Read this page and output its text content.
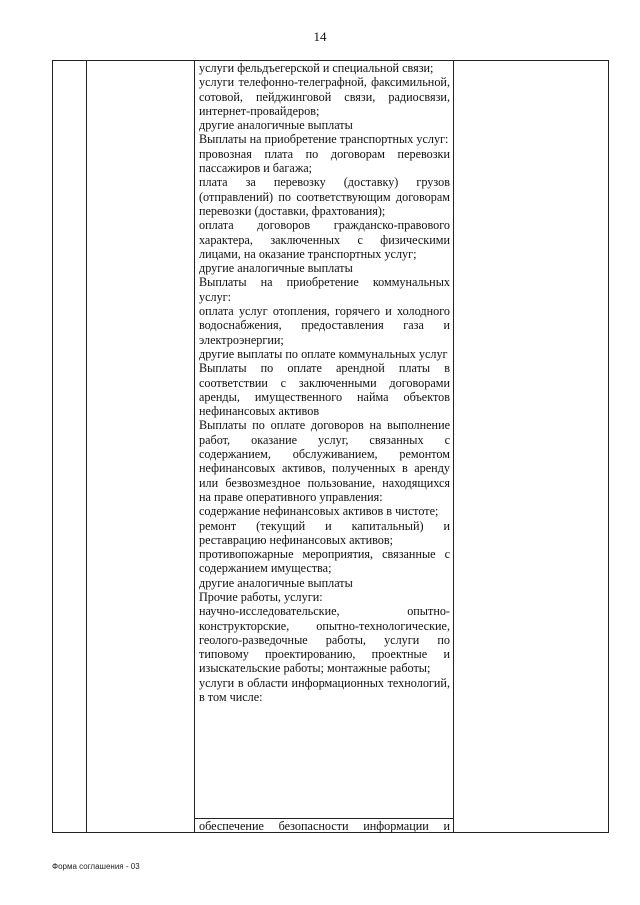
14

услуги фельдъегерской и специальной связи;

услуги телефонно-телеграфной, факсимильной, сотовой, пейджинговой связи, радиосвязи, интернет-провайдеров;

другие аналогичные выплаты

Выплаты на приобретение транспортных услуг:

провозная плата по договорам перевозки пассажиров и багажа;

плата за перевозку (доставку) грузов (отправлений) по соответствующим договорам перевозки (доставки, фрахтования);

оплата договоров гражданско-правового характера, заключенных с физическими лицами, на оказание транспортных услуг;

другие аналогичные выплаты

Выплаты на приобретение коммунальных услуг:

оплата услуг отопления, горячего и холодного водоснабжения, предоставления газа и электроэнергии;

другие выплаты по оплате коммунальных услуг

Выплаты по оплате арендной платы в соответствии с заключенными договорами аренды, имущественного найма объектов нефинансовых активов

Выплаты по оплате договоров на выполнение работ, оказание услуг, связанных с содержанием, обслуживанием, ремонтом нефинансовых активов, полученных в аренду или безвозмездное пользование, находящихся на праве оперативного управления:

содержание нефинансовых активов в чистоте;

ремонт (текущий и капитальный) и реставрацию нефинансовых активов;

противопожарные мероприятия, связанные с содержанием имущества;

другие аналогичные выплаты

Прочие работы, услуги:

научно-исследовательские, опытно-конструкторские, опытно-технологические, геолого-разведочные работы, услуги по типовому проектированию, проектные и изыскательские работы; монтажные работы;

услуги в области информационных технологий, в том числе:

обеспечение безопасности информации и
Форма соглашения - 03
